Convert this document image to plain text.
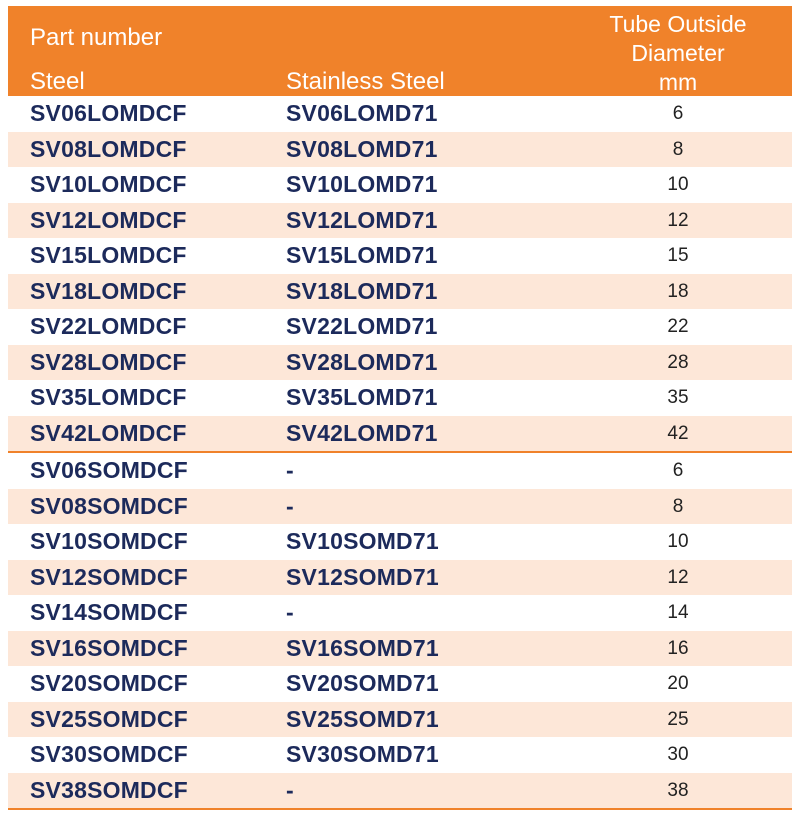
Part number
Steel	Stainless Steel
Tube Outside
Diameter
mm
SV06LOMDCF	SV06LOMD71	6
SV08LOMDCF	SV08LOMD71	8
SV10LOMDCF	SV10LOMD71	10
SV12LOMDCF	SV12LOMD71	12
SV15LOMDCF	SV15LOMD71	15
SV18LOMDCF	SV18LOMD71	18
SV22LOMDCF	SV22LOMD71	22
SV28LOMDCF	SV28LOMD71	28
SV35LOMDCF	SV35LOMD71	35
SV42LOMDCF	SV42LOMD71	42
SV06SOMDCF	-	6
SV08SOMDCF	-	8
SV10SOMDCF	SV10SOMD71	10
SV12SOMDCF	SV12SOMD71	12
SV14SOMDCF	-	14
SV16SOMDCF	SV16SOMD71	16
SV20SOMDCF	SV20SOMD71	20
SV25SOMDCF	SV25SOMD71	25
SV30SOMDCF	SV30SOMD71	30
SV38SOMDCF	-	38
